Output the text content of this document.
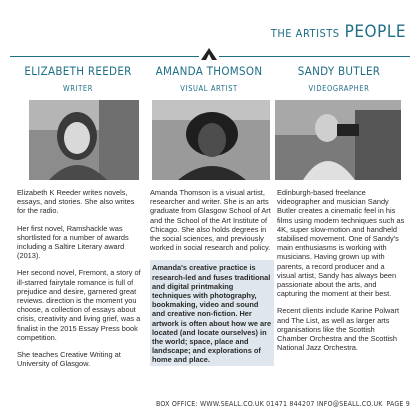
THE ARTISTS PEOPLE
ELIZABETH REEDER
WRITER

Elizabeth K Reeder writes novels, essays, and stories. She also writes for the radio.

Her first novel, Ramshackle was shortlisted for a number of awards including a Saltire Literary award (2013).

Her second novel, Fremont, a story of ill-starred fairytale romance is full of prejudice and desire, garnered great reviews. direction is the moment you choose, a collection of essays about crisis, creativity and living grief, was a finalist in the 2015 Essay Press book competition.

She teaches Creative Writing at University of Glasgow.

AMANDA THOMSON
VISUAL ARTIST

Amanda Thomson is a visual artist, researcher and writer. She is an arts graduate from Glasgow School of Art and the School of the Art Institute of Chicago. She also holds degrees in the social sciences, and previously worked in social research and policy.

Amanda's creative practice is research-led and fuses traditional and digital printmaking techniques with photography, bookmaking, video and sound and creative non-fiction. Her artwork is often about how we are located (and locate ourselves) in the world; space, place and landscape; and explorations of home and place.

SANDY BUTLER
VIDEOGRAPHER

Edinburgh-based freelance videographer and musician Sandy Butler creates a cinematic feel in his films using modern techniques such as 4K, super slow-motion and handheld stabilised movement. One of Sandy's main enthusiasms is working with musicians. Having grown up with parents, a record producer and a visual artist, Sandy has always been passionate about the arts, and capturing the moment at their best.

Recent clients include Karine Polwart and The List, as well as larger arts organisations like the Scottish Chamber Orchestra and the Scottish National Jazz Orchestra.

BOX OFFICE: WWW.SEALL.CO.UK 01471 844207 INFO@SEALL.CO.UK PAGE 9
